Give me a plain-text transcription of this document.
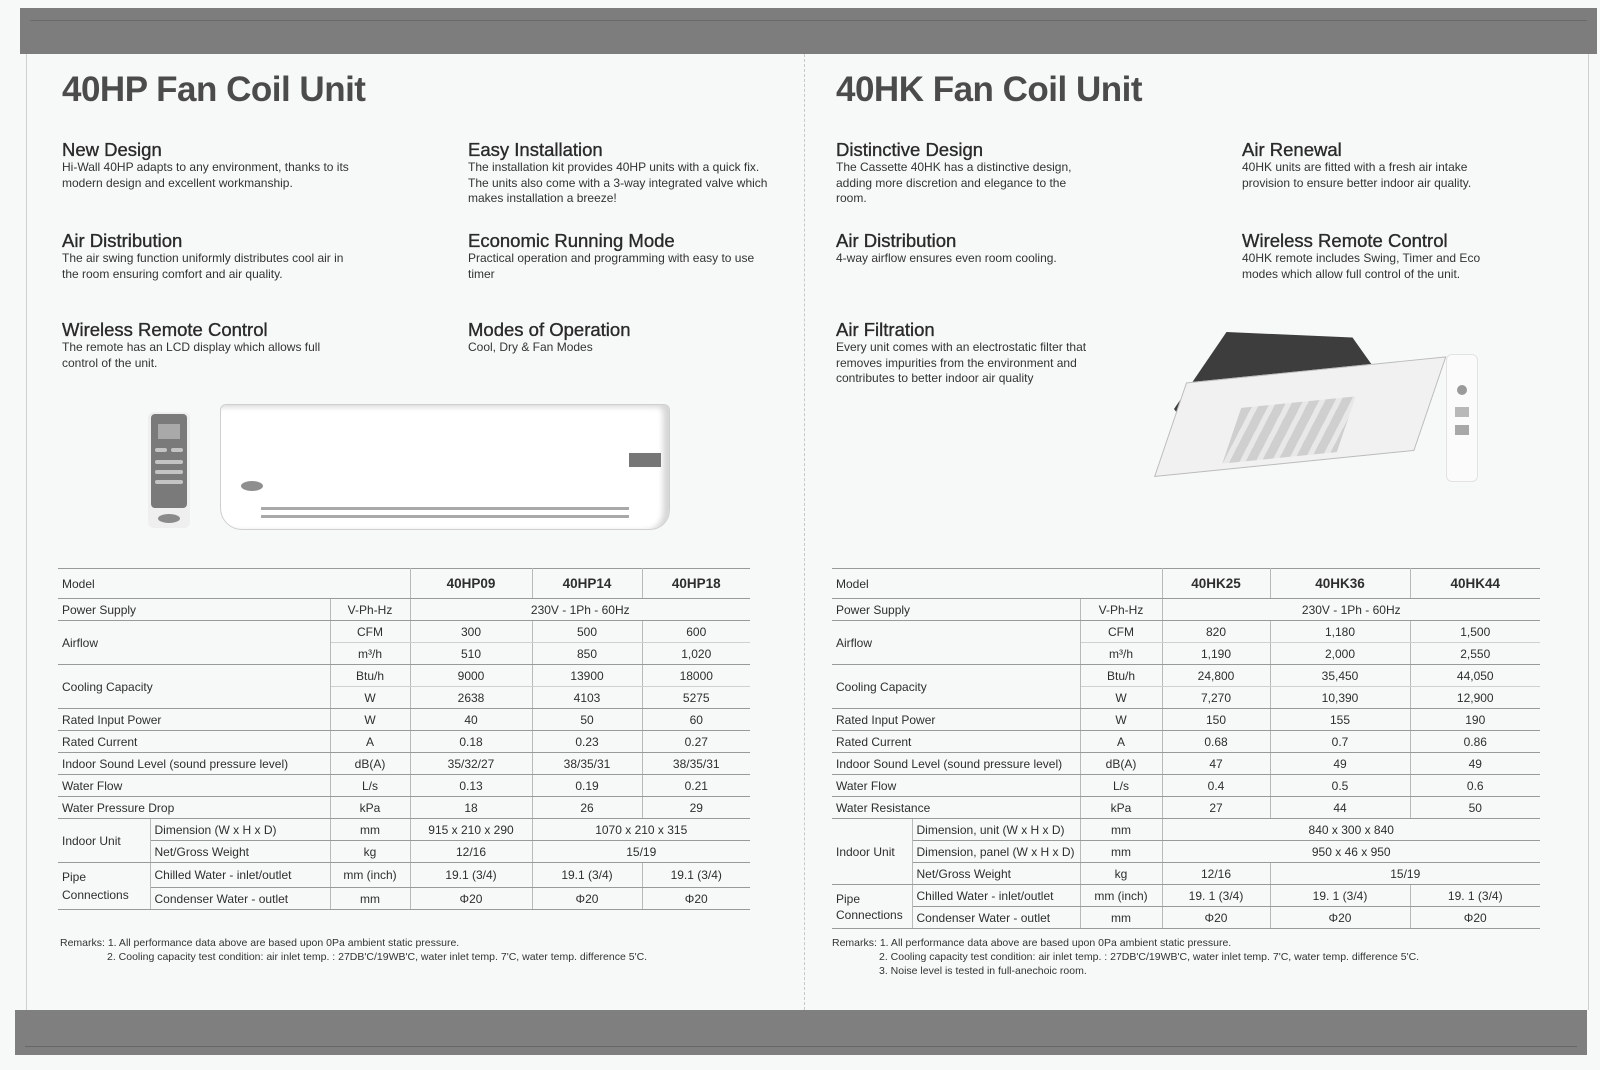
40HP Fan Coil Unit
New Design

Hi-Wall 40HP adapts to any environment, thanks to its modern design and excellent workmanship.

Easy Installation

The installation kit provides 40HP units with a quick fix. The units also come with a 3-way integrated valve which makes installation a breeze!

Air Distribution

The air swing function uniformly distributes cool air in the room ensuring comfort and air quality.

Economic Running Mode

Practical operation and programming with easy to use timer

Wireless Remote Control

The remote has an LCD display which allows full control of the unit.

Modes of Operation

Cool, Dry & Fan Modes

Model			40HP09	40HP14	40HP18
Power Supply		V-Ph-Hz	230V - 1Ph - 60Hz		
Airflow		CFM	300	500	600
		m³/h	510	850	1,020
Cooling Capacity		Btu/h	9000	13900	18000
		W	2638	4103	5275
Rated Input Power		W	40	50	60
Rated Current		A	0.18	0.23	0.27
Indoor Sound Level (sound pressure level)		dB(A)	35/32/27	38/35/31	38/35/31
Water Flow		L/s	0.13	0.19	0.21
Water Pressure Drop		kPa	18	26	29
Indoor Unit	Dimension (W x H x D)	mm	915 x 210 x 290	1070 x 210 x 315	
	Net/Gross Weight	kg	12/16	15/19	
Pipe
Connections	Chilled Water - inlet/outlet	mm (inch)	19.1 (3/4)	19.1 (3/4)	19.1 (3/4)
	Condenser Water - outlet	mm	Φ20	Φ20	Φ20
Remarks: 1. All performance data above are based upon 0Pa ambient static pressure.
2. Cooling capacity test condition: air inlet temp. : 27DB'C/19WB'C, water inlet temp. 7'C, water temp. difference 5'C.
40HK Fan Coil Unit
Distinctive Design

The Cassette 40HK has a distinctive design, adding more discretion and elegance to the room.

Air Renewal

40HK units are fitted with a fresh air intake provision to ensure better indoor air quality.

Air Distribution

4-way airflow ensures even room cooling.

Wireless Remote Control

40HK remote includes Swing, Timer and Eco modes which allow full control of the unit.

Air Filtration

Every unit comes with an electrostatic filter that removes impurities from the environment and contributes to better indoor air quality

Model			40HK25	40HK36	40HK44
Power Supply		V-Ph-Hz	230V - 1Ph - 60Hz		
Airflow		CFM	820	1,180	1,500
		m³/h	1,190	2,000	2,550
Cooling Capacity		Btu/h	24,800	35,450	44,050
		W	7,270	10,390	12,900
Rated Input Power		W	150	155	190
Rated Current		A	0.68	0.7	0.86
Indoor Sound Level (sound pressure level)		dB(A)	47	49	49
Water Flow		L/s	0.4	0.5	0.6
Water Resistance		kPa	27	44	50
Indoor Unit	Dimension, unit (W x H x D)	mm	840 x 300 x 840		
	Dimension, panel (W x H x D)	mm	950 x 46 x 950		
	Net/Gross Weight	kg	12/16	15/19	
Pipe
Connections	Chilled Water - inlet/outlet	mm (inch)	19. 1 (3/4)	19. 1 (3/4)	19. 1 (3/4)
	Condenser Water - outlet	mm	Φ20	Φ20	Φ20
Remarks: 1. All performance data above are based upon 0Pa ambient static pressure.
2. Cooling capacity test condition: air inlet temp. : 27DB'C/19WB'C, water inlet temp. 7'C, water temp. difference 5'C.
3. Noise level is tested in full-anechoic room.
